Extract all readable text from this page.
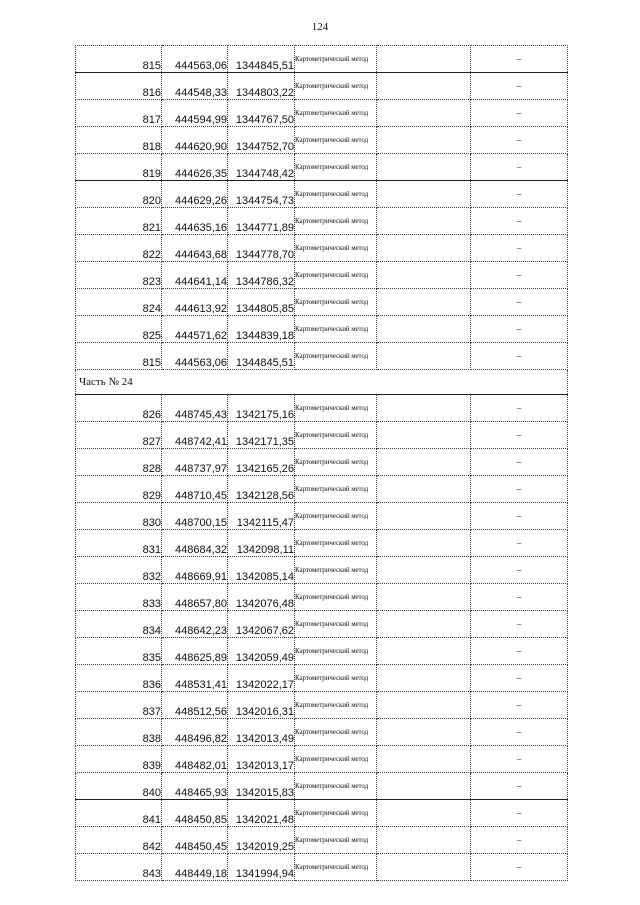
124
815	444563,06	1344845,51	Картометрический метод		–
816	444548,33	1344803,22	Картометрический метод		–
817	444594,99	1344767,50	Картометрический метод		–
818	444620,90	1344752,70	Картометрический метод		–
819	444626,35	1344748,42	Картометрический метод		–
820	444629,26	1344754,73	Картометрический метод		–
821	444635,16	1344771,89	Картометрический метод		–
822	444643,68	1344778,70	Картометрический метод		–
823	444641,14	1344786,32	Картометрический метод		–
824	444613,92	1344805,85	Картометрический метод		–
825	444571,62	1344839,18	Картометрический метод		–
815	444563,06	1344845,51	Картометрический метод		–
Часть № 24					
826	448745,43	1342175,16	Картометрический метод		–
827	448742,41	1342171,35	Картометрический метод		–
828	448737,97	1342165,26	Картометрический метод		–
829	448710,45	1342128,56	Картометрический метод		–
830	448700,15	1342115,47	Картометрический метод		–
831	448684,32	1342098,11	Картометрический метод		–
832	448669,91	1342085,14	Картометрический метод		–
833	448657,80	1342076,48	Картометрический метод		–
834	448642,23	1342067,62	Картометрический метод		–
835	448625,89	1342059,49	Картометрический метод		–
836	448531,41	1342022,17	Картометрический метод		–
837	448512,56	1342016,31	Картометрический метод		–
838	448496,82	1342013,49	Картометрический метод		–
839	448482,01	1342013,17	Картометрический метод		–
840	448465,93	1342015,83	Картометрический метод		–
841	448450,85	1342021,48	Картометрический метод		–
842	448450,45	1342019,25	Картометрический метод		–
843	448449,18	1341994,94	Картометрический метод		–
